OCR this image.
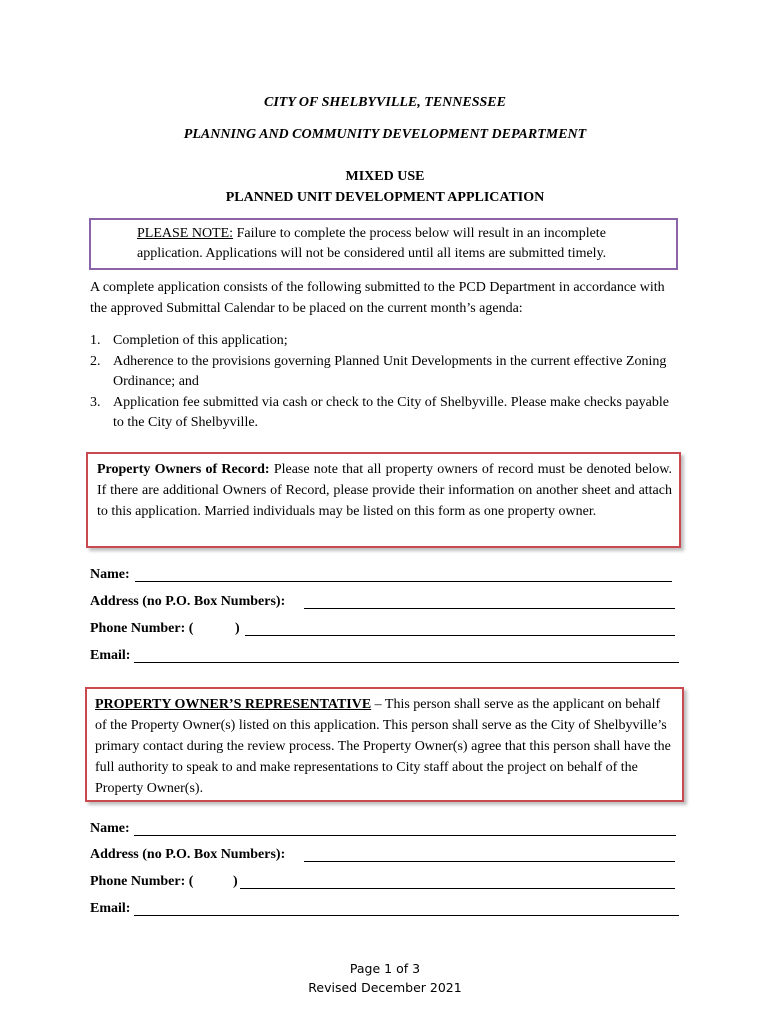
CITY OF SHELBYVILLE, TENNESSEE
PLANNING AND COMMUNITY DEVELOPMENT DEPARTMENT
MIXED USE
PLANNED UNIT DEVELOPMENT APPLICATION
PLEASE NOTE: Failure to complete the process below will result in an incomplete application. Applications will not be considered until all items are submitted timely.
A complete application consists of the following submitted to the PCD Department in accordance with the approved Submittal Calendar to be placed on the current month’s agenda:
1. Completion of this application;
2. Adherence to the provisions governing Planned Unit Developments in the current effective Zoning Ordinance; and
3. Application fee submitted via cash or check to the City of Shelbyville. Please make checks payable to the City of Shelbyville.
Property Owners of Record: Please note that all property owners of record must be denoted below. If there are additional Owners of Record, please provide their information on another sheet and attach to this application. Married individuals may be listed on this form as one property owner.
Name:
Address (no P.O. Box Numbers):
Phone Number: (	)
Email:
PROPERTY OWNER’S REPRESENTATIVE – This person shall serve as the applicant on behalf of the Property Owner(s) listed on this application. This person shall serve as the City of Shelbyville’s primary contact during the review process. The Property Owner(s) agree that this person shall have the full authority to speak to and make representations to City staff about the project on behalf of the Property Owner(s).
Name:
Address (no P.O. Box Numbers):
Phone Number: (	)
Email:
Page 1 of 3
Revised December 2021
